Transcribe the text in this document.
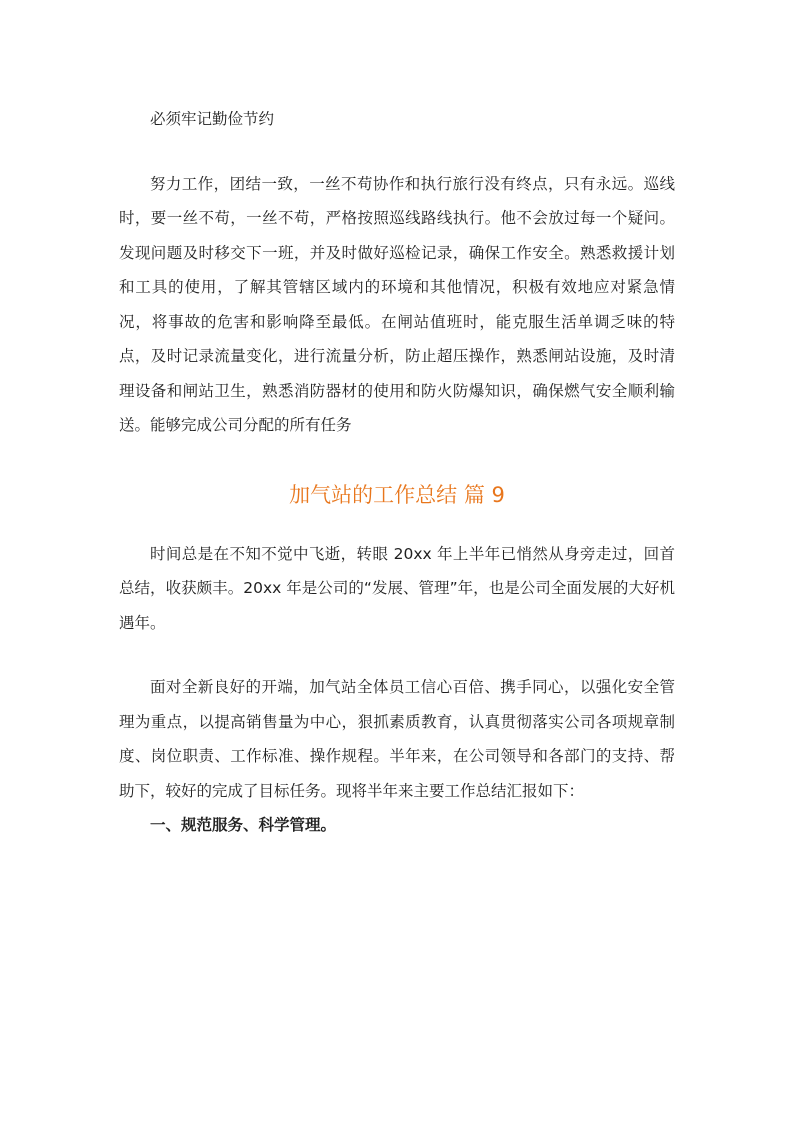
必须牢记勤俭节约

努力工作，团结一致，一丝不苟协作和执行旅行没有终点，只有永远。巡线时，要一丝不苟，一丝不苟，严格按照巡线路线执行。他不会放过每一个疑问。发现问题及时移交下一班，并及时做好巡检记录，确保工作安全。熟悉救援计划和工具的使用，了解其管辖区域内的环境和其他情况，积极有效地应对紧急情况，将事故的危害和影响降至最低。在闸站值班时，能克服生活单调乏味的特点，及时记录流量变化，进行流量分析，防止超压操作，熟悉闸站设施，及时清理设备和闸站卫生，熟悉消防器材的使用和防火防爆知识，确保燃气安全顺利输送。能够完成公司分配的所有任务

加气站的工作总结 篇 9

时间总是在不知不觉中飞逝，转眼 20xx 年上半年已悄然从身旁走过，回首总结，收获颇丰。20xx 年是公司的“发展、管理”年，也是公司全面发展的大好机遇年。

面对全新良好的开端，加气站全体员工信心百倍、携手同心，以强化安全管理为重点，以提高销售量为中心，狠抓素质教育，认真贯彻落实公司各项规章制度、岗位职责、工作标准、操作规程。半年来，在公司领导和各部门的支持、帮助下，较好的完成了目标任务。现将半年来主要工作总结汇报如下：

一、规范服务、科学管理。
